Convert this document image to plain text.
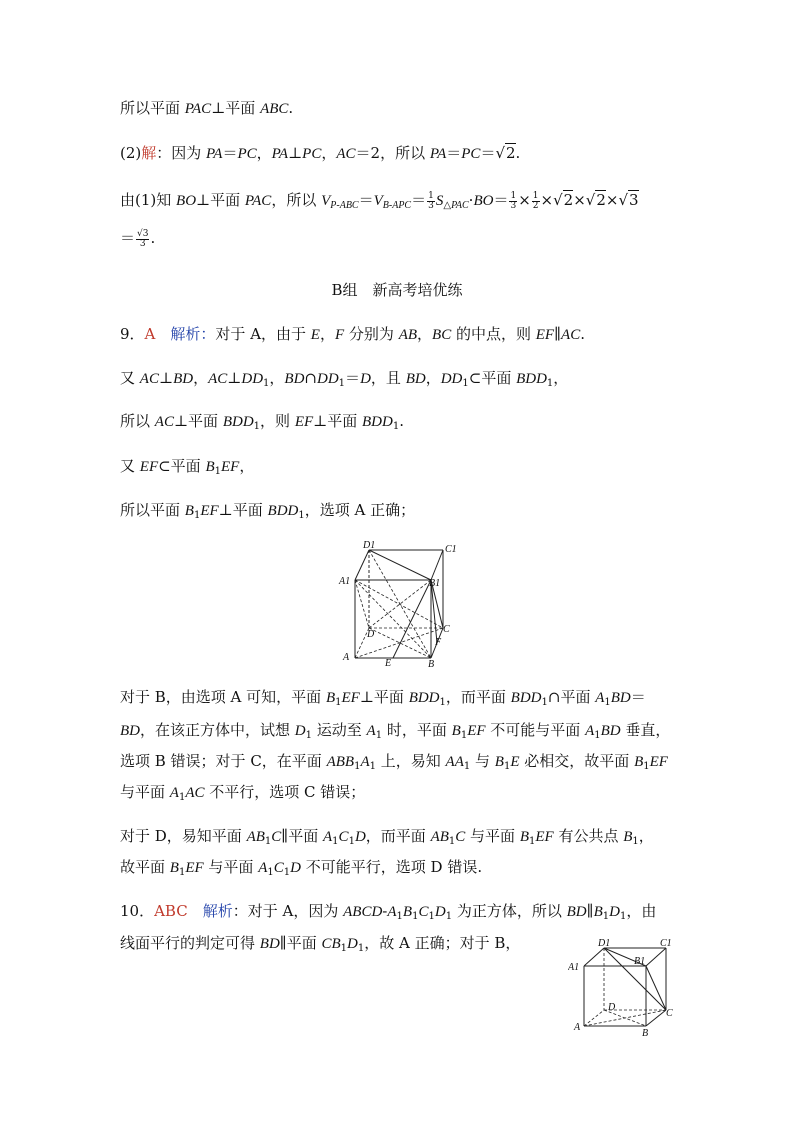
所以平面 PAC⊥平面 ABC.
(2)解：因为 PA＝PC，PA⊥PC，AC＝2，所以 PA＝PC＝√2.
由(1)知 BO⊥平面 PAC，所以 $V_{P-ABC}=V_{B-APC}= \frac{1}{3} S_{\triangle PAC}\cdot BO= \frac{1}{3} \times \frac{1}{2} \times√2\times√2\times√3$
＝ $\frac{√3}{3}$ .
B组　新高考培优练
9．A　 解析：对于 A，由于 E，F 分别为 AB，BC 的中点，则 EF∥AC.
又 AC⊥BD，$AC\perp DD_1$，$BD\cap DD_1=D$，且 BD，$DD_1\subset$平面 $BDD_1$，
所以 AC⊥平面 $BDD_1$，则 EF⊥平面 $BDD_1$.
又 EF⊂平面 $B_1EF$，
所以平面 $B_1EF\perp$平面 $BDD_1$，选项 A 正确；
D1	C1
A1	B1
D	C
F
A
E	B
对于 B，由选项 A 可知，平面 $B_1EF\perp$平面 $BDD_1$，而平面 $BDD_1\cap$平面 $A_1BD=$
BD，在该正方体中，试想 $D_1$ 运动至 $A_1$ 时，平面 $B_1EF$ 不可能与平面 $A_1BD$ 垂直，
选项 B 错误；对于 C，在平面 $ABB_1A_1$ 上，易知 $AA_1$ 与 $B_1E$ 必相交，故平面 $B_1EF$
与平面 $A_1AC$ 不平行，选项 C 错误；
对于 D，易知平面 $AB_1C\parallel$平面 $A_1C_1D$，而平面 $AB_1C$ 与平面 $B_1EF$ 有公共点 $B_1$，
故平面 $B_1EF$ 与平面 $A_1C_1D$ 不可能平行，选项 D 错误.
10．ABC　 解析：对于 A，因为 ABCD-$A_1B_1C_1D_1$ 为正方体，所以 $BD\parallel B_1D_1$，由
线面平行的判定可得 BD∥平面 $CB_1D_1$，故 A 正确；对于 B，	D1	C1
A1
B1
D
C
A
B
